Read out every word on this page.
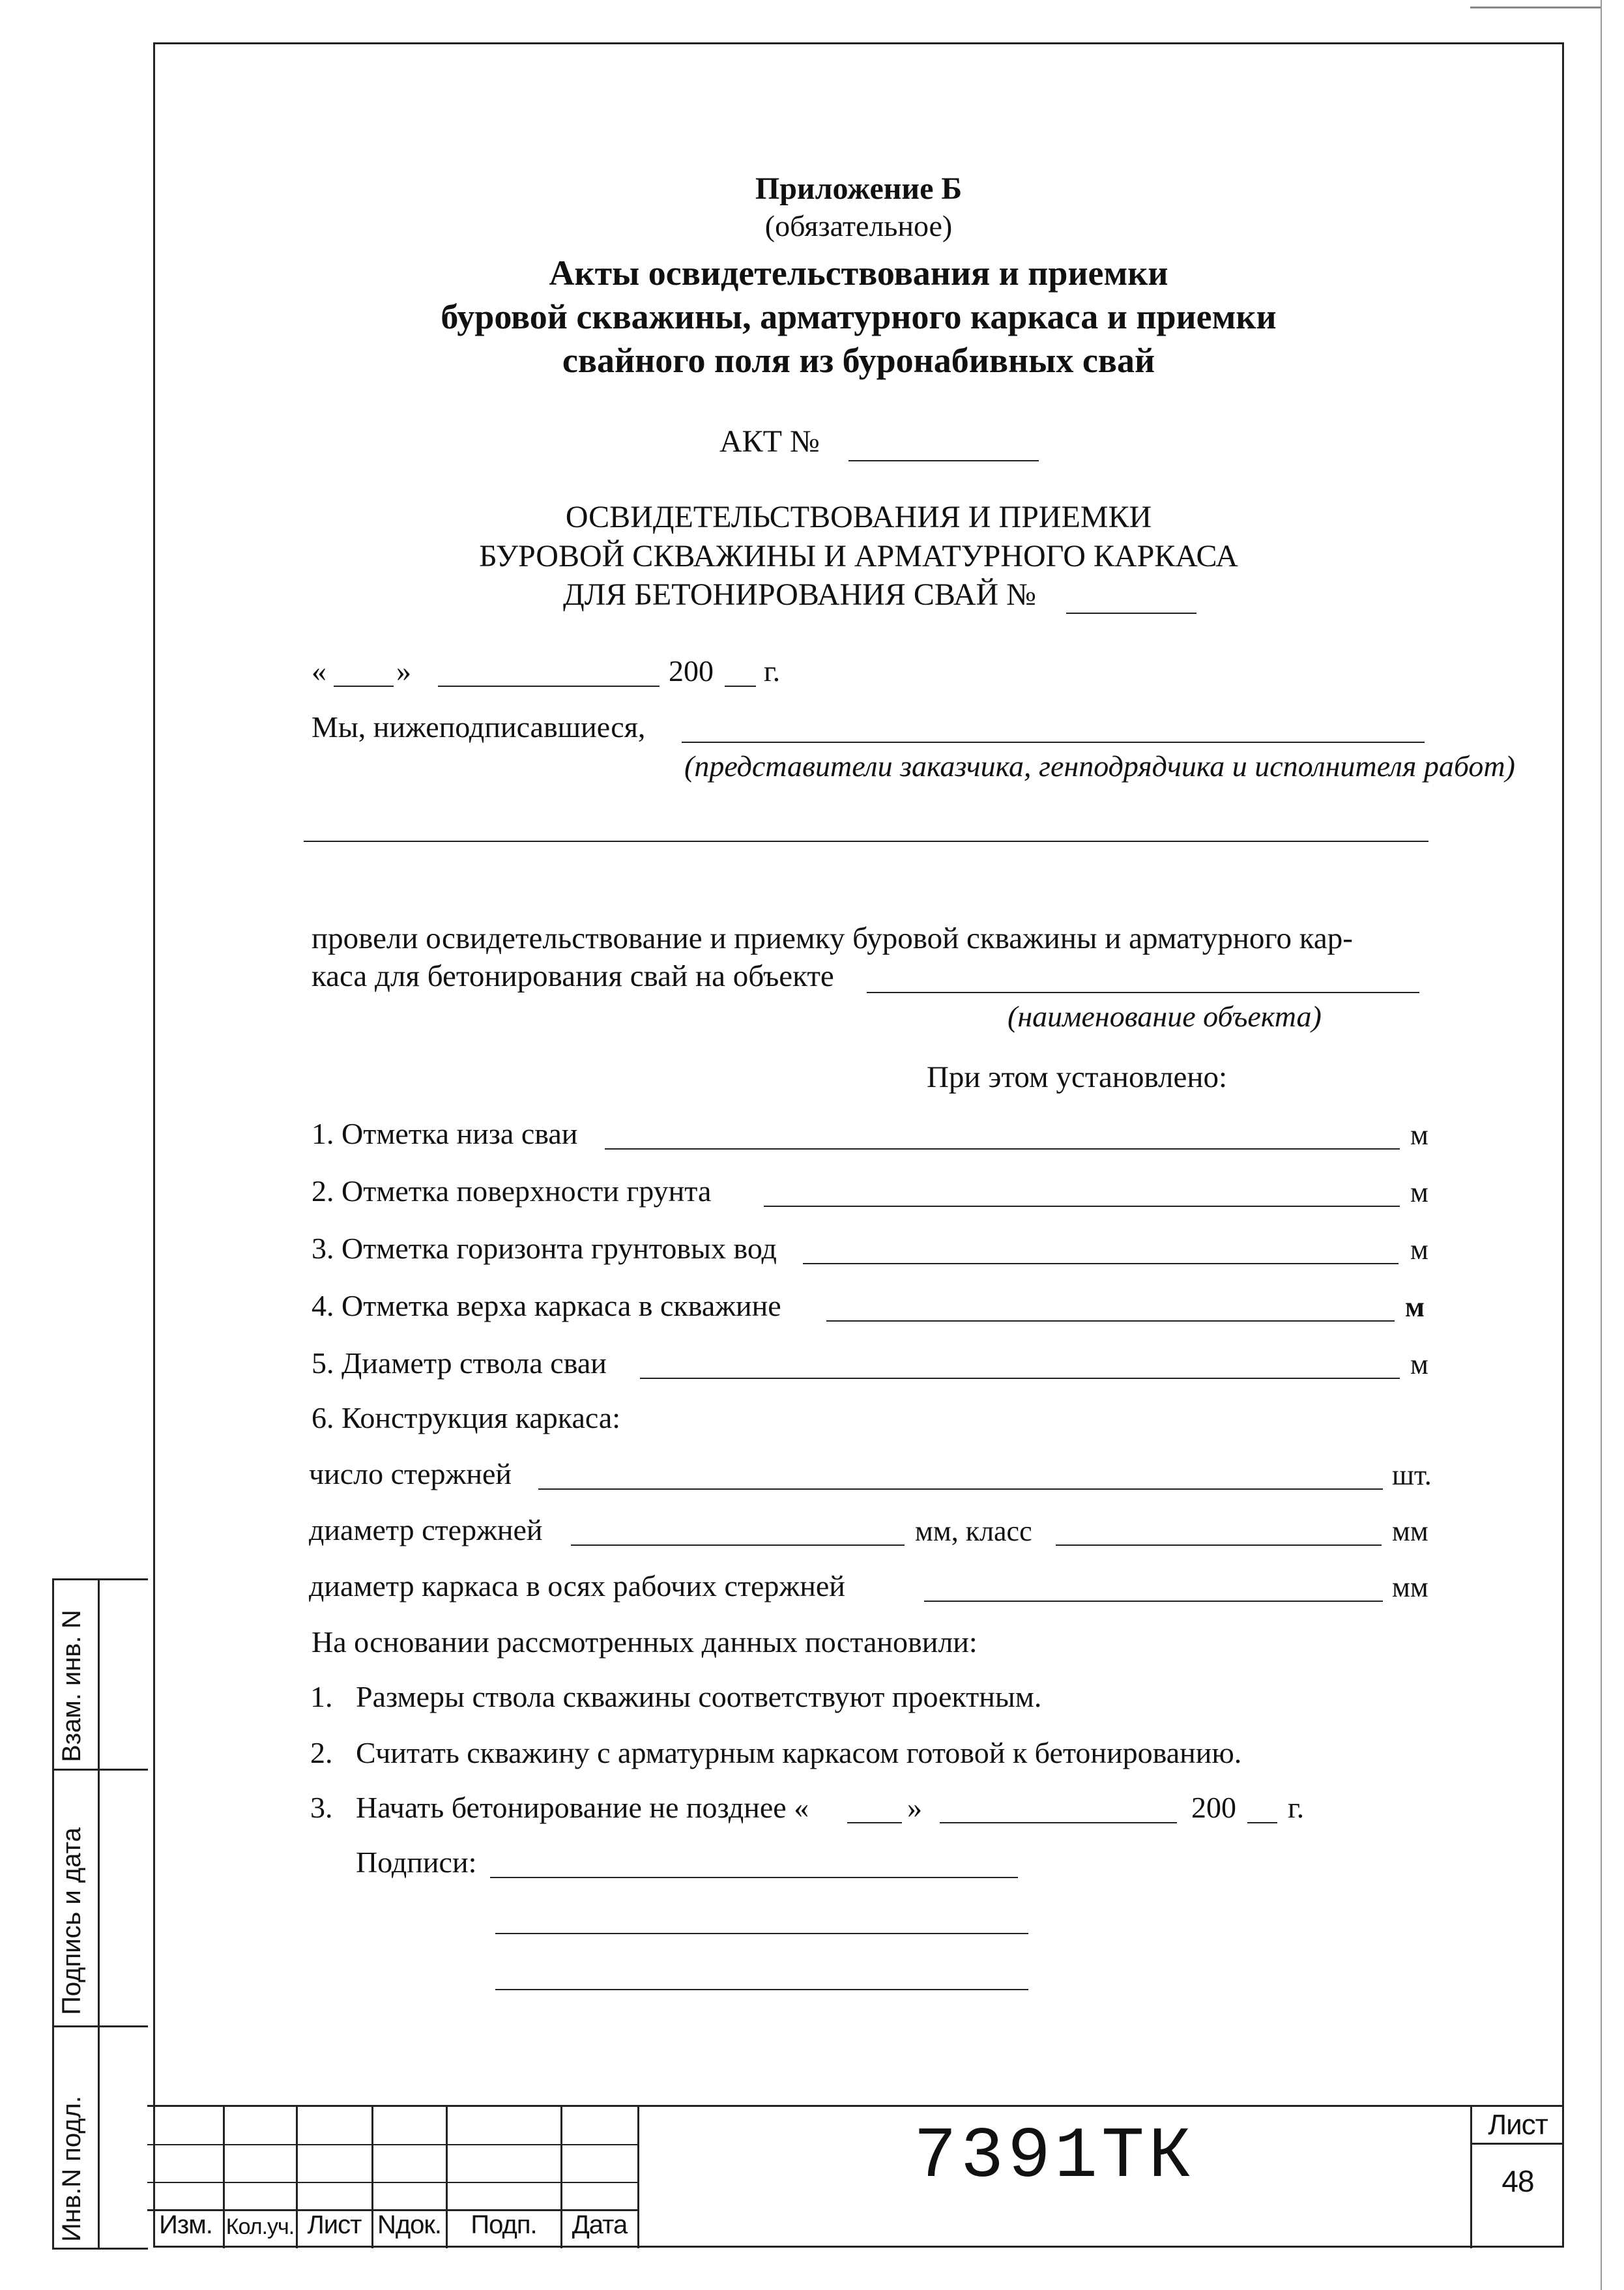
Приложение Б
(обязательное)
Акты освидетельствования и приемки
буровой скважины, арматурного каркаса и приемки
свайного поля из буронабивных свай
АКТ №
ОСВИДЕТЕЛЬСТВОВАНИЯ И ПРИЕМКИ
БУРОВОЙ СКВАЖИНЫ И АРМАТУРНОГО КАРКАСА
ДЛЯ БЕТОНИРОВАНИЯ СВАЙ №
« »	200 г.
Мы, нижеподписавшиеся,
(представители заказчика, генподрядчика и исполнителя работ)
провели освидетельствование и приемку буровой скважины и арматурного кар-
каса для бетонирования свай на объекте
(наименование объекта)
При этом установлено:
1. Отметка низа сваи	м
2. Отметка поверхности грунта	м
3. Отметка горизонта грунтовых вод	м
4. Отметка верха каркаса в скважине	м
5. Диаметр ствола сваи	м
6. Конструкция каркаса:
число стержней	шт.
диаметр стержней	мм, класс	мм
диаметр каркаса в осях рабочих стержней	мм
На основании рассмотренных данных постановили:
1. Размеры ствола скважины соответствуют проектным.
2. Считать скважину с арматурным каркасом готовой к бетонированию.
3. Начать бетонирование не позднее «	»	200 г.
Подписи:
Взам. инв. N
Подпись и дата
Инв.N подл.	Изм. Кол.уч. Лист Nдок.	Подп.	Дата
7391ТК	Лист
48
